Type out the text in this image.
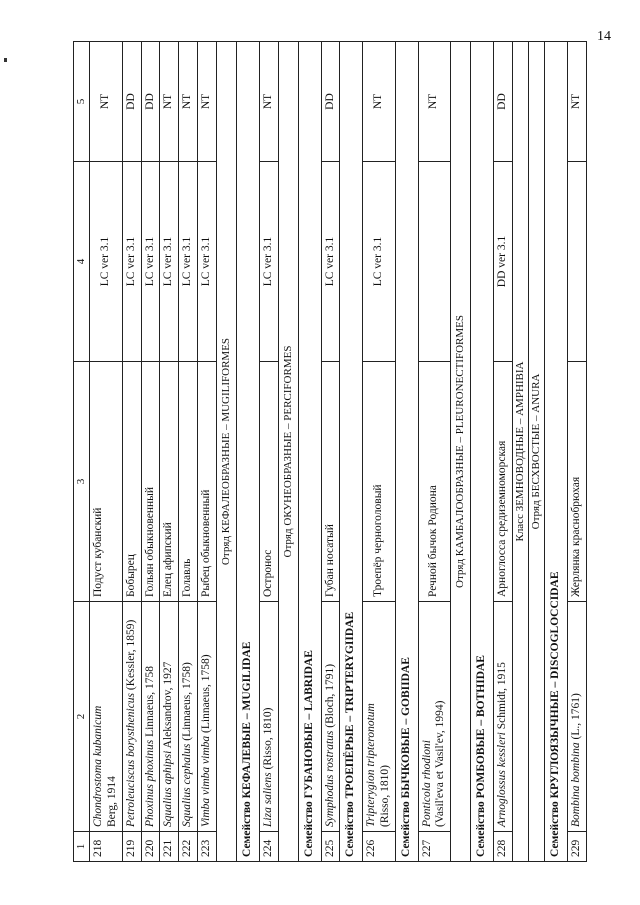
14
1	2	3	4	5
218	Chondrostoma kubanicum Berg, 1914	Подуст кубанский	LC ver 3.1	NT
219	Petroleuciscus borysthenicus (Kessler, 1859)	Бобырец	LC ver 3.1	DD
220	Phoxinus phoxinus Linnaeus, 1758	Гольян обыкновенный	LC ver 3.1	DD
221	Squalius aphipsi Aleksandrov, 1927	Елец афипский	LC ver 3.1	NT
222	Squalius cephalus (Linnaeus, 1758)	Голавль	LC ver 3.1	NT
223	Vimba vimba vimba (Linnaeus, 1758)	Рыбец обыкновенный	LC ver 3.1	NT
Отряд КЕФАЛЕОБРАЗНЫЕ – MUGILIFORMES				
Семейство КЕФАЛЕВЫЕ – MUGILIDAE				
224	Liza saliens (Risso, 1810)	Остронос	LC ver 3.1	NT
Отряд ОКУНЕОБРАЗНЫЕ – PERCIFORMES				
Семейство ГУБАНОВЫЕ – LABRIDAE				
225	Symphodus rostratus (Bloch, 1791)	Губан носатый	LC ver 3.1	DD
Семейство ТРОЕПЁРЫЕ – TRIPTERYGIIDAE				
226	Tripterygion tripteronotum (Risso, 1810)	Троепёр черноголовый	LC ver 3.1	NT
Семейство БЫЧКОВЫЕ – GOBIIDAE				
227	Ponticola rhodioni (Vasil'eva et Vasil'ev, 1994)	Речной бычок Родиона		NT
Отряд КАМБАЛООБРАЗНЫЕ – PLEURONECTIFORMES				
Семейство РОМБОВЫЕ – BOTHIDAE				
228	Arnoglossus kessleri Schmidt, 1915	Арноглосса средиземноморская	DD ver 3.1	DD
Класс ЗЕМНОВОДНЫЕ – AMPHIBIA				
Отряд БЕСХВОСТЫЕ – ANURA				
Семейство КРУГЛОЯЗЫЧНЫЕ – DISCOGLOCCIDAE				
229	Bombina bombina (L., 1761)	Жерлянка краснобрюхая		NT
